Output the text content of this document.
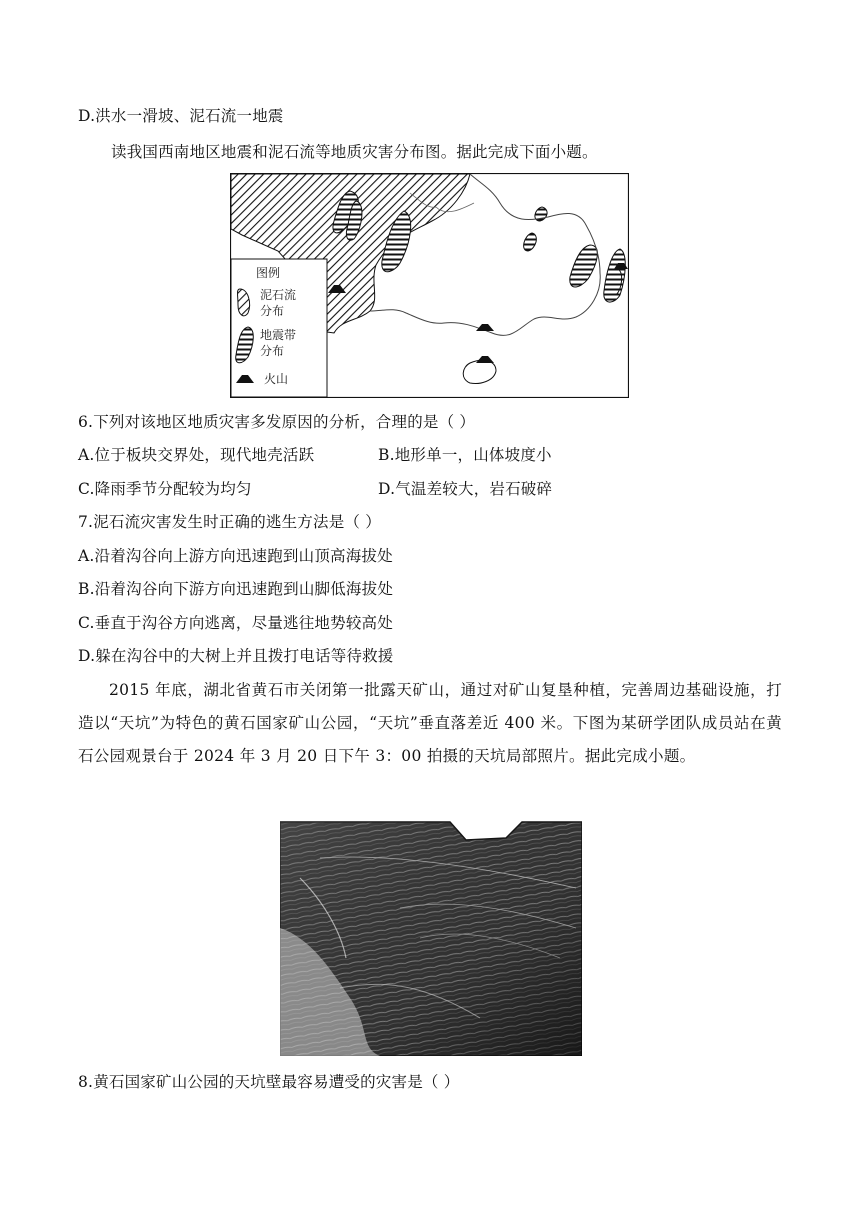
D.洪水一滑坡、泥石流一地震
读我国西南地区地震和泥石流等地质灾害分布图。据此完成下面小题。
图例
泥石流
分布
地震带
分布
火山
6.下列对该地区地质灾害多发原因的分析，合理的是（ ）
A.位于板块交界处，现代地壳活跃	B.地形单一，山体坡度小
C.降雨季节分配较为均匀	D.气温差较大，岩石破碎
7.泥石流灾害发生时正确的逃生方法是（ ）
A.沿着沟谷向上游方向迅速跑到山顶高海拔处
B.沿着沟谷向下游方向迅速跑到山脚低海拔处
C.垂直于沟谷方向逃离，尽量逃往地势较高处
D.躲在沟谷中的大树上并且拨打电话等待救援
2015 年底，湖北省黄石市关闭第一批露天矿山，通过对矿山复垦种植，完善周边基础设施，打造以“天坑”为特色的黄石国家矿山公园，“天坑”垂直落差近 400 米。下图为某研学团队成员站在黄石公园观景台于 2024 年 3 月 20 日下午 3：00 拍摄的天坑局部照片。据此完成小题。
8.黄石国家矿山公园的天坑壁最容易遭受的灾害是（ ）
